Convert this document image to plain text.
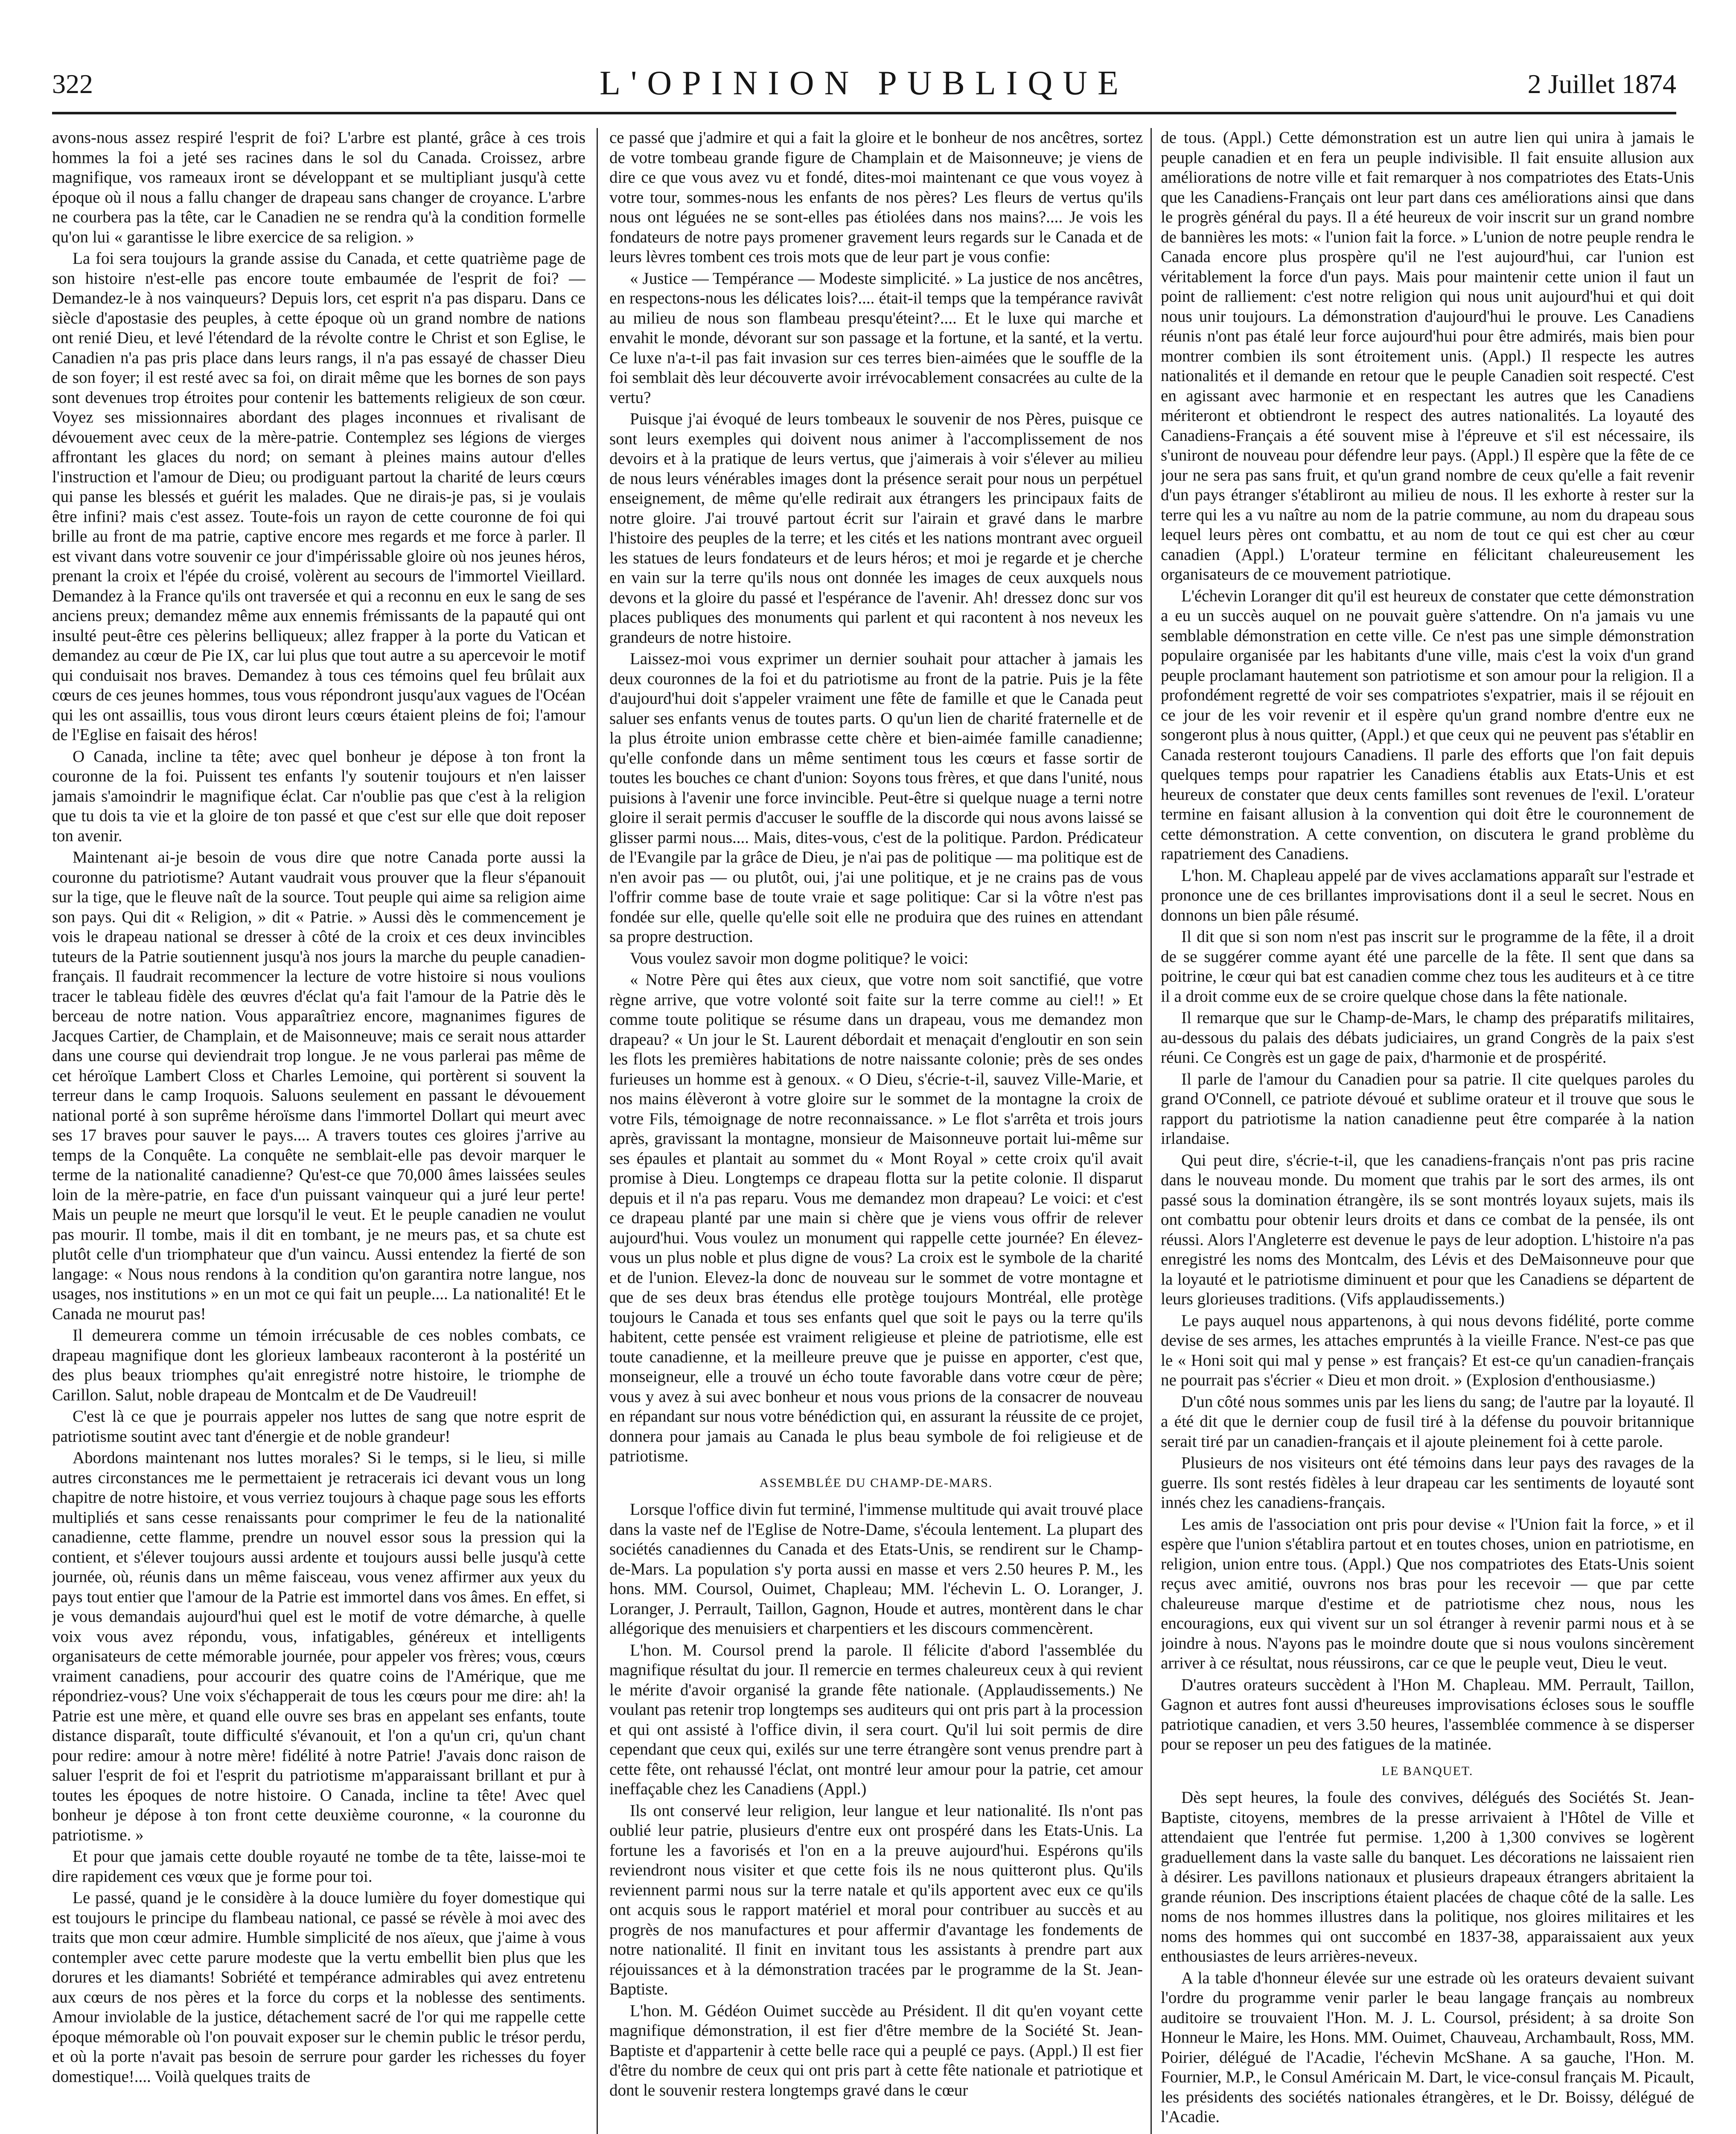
322	L'OPINION PUBLIQUE	2 Juillet 1874

avons-nous assez respiré l'esprit de foi? L'arbre est planté, grâce à ces trois hommes la foi a jeté ses racines dans le sol du Canada. Croissez, arbre magnifique, vos rameaux iront se développant et se multipliant jusqu'à cette époque où il nous a fallu changer de drapeau sans changer de croyance. L'arbre ne courbera pas la tête, car le Canadien ne se rendra qu'à la condition formelle qu'on lui « garantisse le libre exercice de sa religion. »

La foi sera toujours la grande assise du Canada, et cette quatrième page de son histoire n'est-elle pas encore toute embaumée de l'esprit de foi? — Demandez-le à nos vainqueurs? Depuis lors, cet esprit n'a pas disparu. Dans ce siècle d'apostasie des peuples, à cette époque où un grand nombre de nations ont renié Dieu, et levé l'étendard de la révolte contre le Christ et son Eglise, le Canadien n'a pas pris place dans leurs rangs, il n'a pas essayé de chasser Dieu de son foyer; il est resté avec sa foi, on dirait même que les bornes de son pays sont devenues trop étroites pour contenir les battements religieux de son cœur. Voyez ses missionnaires abordant des plages inconnues et rivalisant de dévouement avec ceux de la mère-patrie. Contemplez ses légions de vierges affrontant les glaces du nord; on semant à pleines mains autour d'elles l'instruction et l'amour de Dieu; ou prodiguant partout la charité de leurs cœurs qui panse les blessés et guérit les malades. Que ne dirais-je pas, si je voulais être infini? mais c'est assez. Toute-fois un rayon de cette couronne de foi qui brille au front de ma patrie, captive encore mes regards et me force à parler. Il est vivant dans votre souvenir ce jour d'impérissable gloire où nos jeunes héros, prenant la croix et l'épée du croisé, volèrent au secours de l'immortel Vieillard. Demandez à la France qu'ils ont traversée et qui a reconnu en eux le sang de ses anciens preux; demandez même aux ennemis frémissants de la papauté qui ont insulté peut-être ces pèlerins belliqueux; allez frapper à la porte du Vatican et demandez au cœur de Pie IX, car lui plus que tout autre a su apercevoir le motif qui conduisait nos braves. Demandez à tous ces témoins quel feu brûlait aux cœurs de ces jeunes hommes, tous vous répondront jusqu'aux vagues de l'Océan qui les ont assaillis, tous vous diront leurs cœurs étaient pleins de foi; l'amour de l'Eglise en faisait des héros!

O Canada, incline ta tête; avec quel bonheur je dépose à ton front la couronne de la foi. Puissent tes enfants l'y soutenir toujours et n'en laisser jamais s'amoindrir le magnifique éclat. Car n'oublie pas que c'est à la religion que tu dois ta vie et la gloire de ton passé et que c'est sur elle que doit reposer ton avenir.

Maintenant ai-je besoin de vous dire que notre Canada porte aussi la couronne du patriotisme? Autant vaudrait vous prouver que la fleur s'épanouit sur la tige, que le fleuve naît de la source. Tout peuple qui aime sa religion aime son pays. Qui dit « Religion, » dit « Patrie. » Aussi dès le commencement je vois le drapeau national se dresser à côté de la croix et ces deux invincibles tuteurs de la Patrie soutiennent jusqu'à nos jours la marche du peuple canadien-français. Il faudrait recommencer la lecture de votre histoire si nous voulions tracer le tableau fidèle des œuvres d'éclat qu'a fait l'amour de la Patrie dès le berceau de notre nation. Vous apparaîtriez encore, magnanimes figures de Jacques Cartier, de Champlain, et de Maisonneuve; mais ce serait nous attarder dans une course qui deviendrait trop longue. Je ne vous parlerai pas même de cet héroïque Lambert Closs et Charles Lemoine, qui portèrent si souvent la terreur dans le camp Iroquois. Saluons seulement en passant le dévouement national porté à son suprême héroïsme dans l'immortel Dollart qui meurt avec ses 17 braves pour sauver le pays.... A travers toutes ces gloires j'arrive au temps de la Conquête. La conquête ne semblait-elle pas devoir marquer le terme de la nationalité canadienne? Qu'est-ce que 70,000 âmes laissées seules loin de la mère-patrie, en face d'un puissant vainqueur qui a juré leur perte! Mais un peuple ne meurt que lorsqu'il le veut. Et le peuple canadien ne voulut pas mourir. Il tombe, mais il dit en tombant, je ne meurs pas, et sa chute est plutôt celle d'un triomphateur que d'un vaincu. Aussi entendez la fierté de son langage: « Nous nous rendons à la condition qu'on garantira notre langue, nos usages, nos institutions » en un mot ce qui fait un peuple.... La nationalité! Et le Canada ne mourut pas!

Il demeurera comme un témoin irrécusable de ces nobles combats, ce drapeau magnifique dont les glorieux lambeaux raconteront à la postérité un des plus beaux triomphes qu'ait enregistré notre histoire, le triomphe de Carillon. Salut, noble drapeau de Montcalm et de De Vaudreuil!

C'est là ce que je pourrais appeler nos luttes de sang que notre esprit de patriotisme soutint avec tant d'énergie et de noble grandeur!

Abordons maintenant nos luttes morales? Si le temps, si le lieu, si mille autres circonstances me le permettaient je retracerais ici devant vous un long chapitre de notre histoire, et vous verriez toujours à chaque page sous les efforts multipliés et sans cesse renaissants pour comprimer le feu de la nationalité canadienne, cette flamme, prendre un nouvel essor sous la pression qui la contient, et s'élever toujours aussi ardente et toujours aussi belle jusqu'à cette journée, où, réunis dans un même faisceau, vous venez affirmer aux yeux du pays tout entier que l'amour de la Patrie est immortel dans vos âmes. En effet, si je vous demandais aujourd'hui quel est le motif de votre démarche, à quelle voix vous avez répondu, vous, infatigables, généreux et intelligents organisateurs de cette mémorable journée, pour appeler vos frères; vous, cœurs vraiment canadiens, pour accourir des quatre coins de l'Amérique, que me répondriez-vous? Une voix s'échapperait de tous les cœurs pour me dire: ah! la Patrie est une mère, et quand elle ouvre ses bras en appelant ses enfants, toute distance disparaît, toute difficulté s'évanouit, et l'on a qu'un cri, qu'un chant pour redire: amour à notre mère! fidélité à notre Patrie! J'avais donc raison de saluer l'esprit de foi et l'esprit du patriotisme m'apparaissant brillant et pur à toutes les époques de notre histoire. O Canada, incline ta tête! Avec quel bonheur je dépose à ton front cette deuxième couronne, « la couronne du patriotisme. »

Et pour que jamais cette double royauté ne tombe de ta tête, laisse-moi te dire rapidement ces vœux que je forme pour toi.

Le passé, quand je le considère à la douce lumière du foyer domestique qui est toujours le principe du flambeau national, ce passé se révèle à moi avec des traits que mon cœur admire. Humble simplicité de nos aïeux, que j'aime à vous contempler avec cette parure modeste que la vertu embellit bien plus que les dorures et les diamants! Sobriété et tempérance admirables qui avez entretenu aux cœurs de nos pères et la force du corps et la noblesse des sentiments. Amour inviolable de la justice, détachement sacré de l'or qui me rappelle cette époque mémorable où l'on pouvait exposer sur le chemin public le trésor perdu, et où la porte n'avait pas besoin de serrure pour garder les richesses du foyer domestique!.... Voilà quelques traits de

ce passé que j'admire et qui a fait la gloire et le bonheur de nos ancêtres, sortez de votre tombeau grande figure de Champlain et de Maisonneuve; je viens de dire ce que vous avez vu et fondé, dites-moi maintenant ce que vous voyez à votre tour, sommes-nous les enfants de nos pères? Les fleurs de vertus qu'ils nous ont léguées ne se sont-elles pas étiolées dans nos mains?.... Je vois les fondateurs de notre pays promener gravement leurs regards sur le Canada et de leurs lèvres tombent ces trois mots que de leur part je vous confie:

« Justice — Tempérance — Modeste simplicité. » La justice de nos ancêtres, en respectons-nous les délicates lois?.... était-il temps que la tempérance ravivât au milieu de nous son flambeau presqu'éteint?.... Et le luxe qui marche et envahit le monde, dévorant sur son passage et la fortune, et la santé, et la vertu. Ce luxe n'a-t-il pas fait invasion sur ces terres bien-aimées que le souffle de la foi semblait dès leur découverte avoir irrévocablement consacrées au culte de la vertu?

Puisque j'ai évoqué de leurs tombeaux le souvenir de nos Pères, puisque ce sont leurs exemples qui doivent nous animer à l'accomplissement de nos devoirs et à la pratique de leurs vertus, que j'aimerais à voir s'élever au milieu de nous leurs vénérables images dont la présence serait pour nous un perpétuel enseignement, de même qu'elle redirait aux étrangers les principaux faits de notre gloire. J'ai trouvé partout écrit sur l'airain et gravé dans le marbre l'histoire des peuples de la terre; et les cités et les nations montrant avec orgueil les statues de leurs fondateurs et de leurs héros; et moi je regarde et je cherche en vain sur la terre qu'ils nous ont donnée les images de ceux auxquels nous devons et la gloire du passé et l'espérance de l'avenir. Ah! dressez donc sur vos places publiques des monuments qui parlent et qui racontent à nos neveux les grandeurs de notre histoire.

Laissez-moi vous exprimer un dernier souhait pour attacher à jamais les deux couronnes de la foi et du patriotisme au front de la patrie. Puis je la fête d'aujourd'hui doit s'appeler vraiment une fête de famille et que le Canada peut saluer ses enfants venus de toutes parts. O qu'un lien de charité fraternelle et de la plus étroite union embrasse cette chère et bien-aimée famille canadienne; qu'elle confonde dans un même sentiment tous les cœurs et fasse sortir de toutes les bouches ce chant d'union: Soyons tous frères, et que dans l'unité, nous puisions à l'avenir une force invincible. Peut-être si quelque nuage a terni notre gloire il serait permis d'accuser le souffle de la discorde qui nous avons laissé se glisser parmi nous.... Mais, dites-vous, c'est de la politique. Pardon. Prédicateur de l'Evangile par la grâce de Dieu, je n'ai pas de politique — ma politique est de n'en avoir pas — ou plutôt, oui, j'ai une politique, et je ne crains pas de vous l'offrir comme base de toute vraie et sage politique: Car si la vôtre n'est pas fondée sur elle, quelle qu'elle soit elle ne produira que des ruines en attendant sa propre destruction.

Vous voulez savoir mon dogme politique? le voici:

« Notre Père qui êtes aux cieux, que votre nom soit sanctifié, que votre règne arrive, que votre volonté soit faite sur la terre comme au ciel!! » Et comme toute politique se résume dans un drapeau, vous me demandez mon drapeau? « Un jour le St. Laurent débordait et menaçait d'engloutir en son sein les flots les premières habitations de notre naissante colonie; près de ses ondes furieuses un homme est à genoux. « O Dieu, s'écrie-t-il, sauvez Ville-Marie, et nos mains élèveront à votre gloire sur le sommet de la montagne la croix de votre Fils, témoignage de notre reconnaissance. » Le flot s'arrêta et trois jours après, gravissant la montagne, monsieur de Maisonneuve portait lui-même sur ses épaules et plantait au sommet du « Mont Royal » cette croix qu'il avait promise à Dieu. Longtemps ce drapeau flotta sur la petite colonie. Il disparut depuis et il n'a pas reparu. Vous me demandez mon drapeau? Le voici: et c'est ce drapeau planté par une main si chère que je viens vous offrir de relever aujourd'hui. Vous voulez un monument qui rappelle cette journée? En élevez-vous un plus noble et plus digne de vous? La croix est le symbole de la charité et de l'union. Elevez-la donc de nouveau sur le sommet de votre montagne et que de ses deux bras étendus elle protège toujours Montréal, elle protège toujours le Canada et tous ses enfants quel que soit le pays ou la terre qu'ils habitent, cette pensée est vraiment religieuse et pleine de patriotisme, elle est toute canadienne, et la meilleure preuve que je puisse en apporter, c'est que, monseigneur, elle a trouvé un écho toute favorable dans votre cœur de père; vous y avez à sui avec bonheur et nous vous prions de la consacrer de nouveau en répandant sur nous votre bénédiction qui, en assurant la réussite de ce projet, donnera pour jamais au Canada le plus beau symbole de foi religieuse et de patriotisme.

ASSEMBLÉE DU CHAMP-DE-MARS.

Lorsque l'office divin fut terminé, l'immense multitude qui avait trouvé place dans la vaste nef de l'Eglise de Notre-Dame, s'écoula lentement. La plupart des sociétés canadiennes du Canada et des Etats-Unis, se rendirent sur le Champ-de-Mars. La population s'y porta aussi en masse et vers 2.50 heures P. M., les hons. MM. Coursol, Ouimet, Chapleau; MM. l'échevin L. O. Loranger, J. Loranger, J. Perrault, Taillon, Gagnon, Houde et autres, montèrent dans le char allégorique des menuisiers et charpentiers et les discours commencèrent.

L'hon. M. Coursol prend la parole. Il félicite d'abord l'assemblée du magnifique résultat du jour. Il remercie en termes chaleureux ceux à qui revient le mérite d'avoir organisé la grande fête nationale. (Applaudissements.) Ne voulant pas retenir trop longtemps ses auditeurs qui ont pris part à la procession et qui ont assisté à l'office divin, il sera court. Qu'il lui soit permis de dire cependant que ceux qui, exilés sur une terre étrangère sont venus prendre part à cette fête, ont rehaussé l'éclat, ont montré leur amour pour la patrie, cet amour ineffaçable chez les Canadiens (Appl.)

Ils ont conservé leur religion, leur langue et leur nationalité. Ils n'ont pas oublié leur patrie, plusieurs d'entre eux ont prospéré dans les Etats-Unis. La fortune les a favorisés et l'on en a la preuve aujourd'hui. Espérons qu'ils reviendront nous visiter et que cette fois ils ne nous quitteront plus. Qu'ils reviennent parmi nous sur la terre natale et qu'ils apportent avec eux ce qu'ils ont acquis sous le rapport matériel et moral pour contribuer au succès et au progrès de nos manufactures et pour affermir d'avantage les fondements de notre nationalité. Il finit en invitant tous les assistants à prendre part aux réjouissances et à la démonstration tracées par le programme de la St. Jean-Baptiste.

L'hon. M. Gédéon Ouimet succède au Président. Il dit qu'en voyant cette magnifique démonstration, il est fier d'être membre de la Société St. Jean-Baptiste et d'appartenir à cette belle race qui a peuplé ce pays. (Appl.) Il est fier d'être du nombre de ceux qui ont pris part à cette fête nationale et patriotique et dont le souvenir restera longtemps gravé dans le cœur

de tous. (Appl.) Cette démonstration est un autre lien qui unira à jamais le peuple canadien et en fera un peuple indivisible. Il fait ensuite allusion aux améliorations de notre ville et fait remarquer à nos compatriotes des Etats-Unis que les Canadiens-Français ont leur part dans ces améliorations ainsi que dans le progrès général du pays. Il a été heureux de voir inscrit sur un grand nombre de bannières les mots: « l'union fait la force. » L'union de notre peuple rendra le Canada encore plus prospère qu'il ne l'est aujourd'hui, car l'union est véritablement la force d'un pays. Mais pour maintenir cette union il faut un point de ralliement: c'est notre religion qui nous unit aujourd'hui et qui doit nous unir toujours. La démonstration d'aujourd'hui le prouve. Les Canadiens réunis n'ont pas étalé leur force aujourd'hui pour être admirés, mais bien pour montrer combien ils sont étroitement unis. (Appl.) Il respecte les autres nationalités et il demande en retour que le peuple Canadien soit respecté. C'est en agissant avec harmonie et en respectant les autres que les Canadiens mériteront et obtiendront le respect des autres nationalités. La loyauté des Canadiens-Français a été souvent mise à l'épreuve et s'il est nécessaire, ils s'uniront de nouveau pour défendre leur pays. (Appl.) Il espère que la fête de ce jour ne sera pas sans fruit, et qu'un grand nombre de ceux qu'elle a fait revenir d'un pays étranger s'établiront au milieu de nous. Il les exhorte à rester sur la terre qui les a vu naître au nom de la patrie commune, au nom du drapeau sous lequel leurs pères ont combattu, et au nom de tout ce qui est cher au cœur canadien (Appl.) L'orateur termine en félicitant chaleureusement les organisateurs de ce mouvement patriotique.

L'échevin Loranger dit qu'il est heureux de constater que cette démonstration a eu un succès auquel on ne pouvait guère s'attendre. On n'a jamais vu une semblable démonstration en cette ville. Ce n'est pas une simple démonstration populaire organisée par les habitants d'une ville, mais c'est la voix d'un grand peuple proclamant hautement son patriotisme et son amour pour la religion. Il a profondément regretté de voir ses compatriotes s'expatrier, mais il se réjouit en ce jour de les voir revenir et il espère qu'un grand nombre d'entre eux ne songeront plus à nous quitter, (Appl.) et que ceux qui ne peuvent pas s'établir en Canada resteront toujours Canadiens. Il parle des efforts que l'on fait depuis quelques temps pour rapatrier les Canadiens établis aux Etats-Unis et est heureux de constater que deux cents familles sont revenues de l'exil. L'orateur termine en faisant allusion à la convention qui doit être le couronnement de cette démonstration. A cette convention, on discutera le grand problème du rapatriement des Canadiens.

L'hon. M. Chapleau appelé par de vives acclamations apparaît sur l'estrade et prononce une de ces brillantes improvisations dont il a seul le secret. Nous en donnons un bien pâle résumé.

Il dit que si son nom n'est pas inscrit sur le programme de la fête, il a droit de se suggérer comme ayant été une parcelle de la fête. Il sent que dans sa poitrine, le cœur qui bat est canadien comme chez tous les auditeurs et à ce titre il a droit comme eux de se croire quelque chose dans la fête nationale.

Il remarque que sur le Champ-de-Mars, le champ des préparatifs militaires, au-dessous du palais des débats judiciaires, un grand Congrès de la paix s'est réuni. Ce Congrès est un gage de paix, d'harmonie et de prospérité.

Il parle de l'amour du Canadien pour sa patrie. Il cite quelques paroles du grand O'Connell, ce patriote dévoué et sublime orateur et il trouve que sous le rapport du patriotisme la nation canadienne peut être comparée à la nation irlandaise.

Qui peut dire, s'écrie-t-il, que les canadiens-français n'ont pas pris racine dans le nouveau monde. Du moment que trahis par le sort des armes, ils ont passé sous la domination étrangère, ils se sont montrés loyaux sujets, mais ils ont combattu pour obtenir leurs droits et dans ce combat de la pensée, ils ont réussi. Alors l'Angleterre est devenue le pays de leur adoption. L'histoire n'a pas enregistré les noms des Montcalm, des Lévis et des DeMaisonneuve pour que la loyauté et le patriotisme diminuent et pour que les Canadiens se départent de leurs glorieuses traditions. (Vifs applaudissements.)

Le pays auquel nous appartenons, à qui nous devons fidélité, porte comme devise de ses armes, les attaches empruntés à la vieille France. N'est-ce pas que le « Honi soit qui mal y pense » est français? Et est-ce qu'un canadien-français ne pourrait pas s'écrier « Dieu et mon droit. » (Explosion d'enthousiasme.)

D'un côté nous sommes unis par les liens du sang; de l'autre par la loyauté. Il a été dit que le dernier coup de fusil tiré à la défense du pouvoir britannique serait tiré par un canadien-français et il ajoute pleinement foi à cette parole.

Plusieurs de nos visiteurs ont été témoins dans leur pays des ravages de la guerre. Ils sont restés fidèles à leur drapeau car les sentiments de loyauté sont innés chez les canadiens-français.

Les amis de l'association ont pris pour devise « l'Union fait la force, » et il espère que l'union s'établira partout et en toutes choses, union en patriotisme, en religion, union entre tous. (Appl.) Que nos compatriotes des Etats-Unis soient reçus avec amitié, ouvrons nos bras pour les recevoir — que par cette chaleureuse marque d'estime et de patriotisme chez nous, nous les encouragions, eux qui vivent sur un sol étranger à revenir parmi nous et à se joindre à nous. N'ayons pas le moindre doute que si nous voulons sincèrement arriver à ce résultat, nous réussirons, car ce que le peuple veut, Dieu le veut.

D'autres orateurs succèdent à l'Hon M. Chapleau. MM. Perrault, Taillon, Gagnon et autres font aussi d'heureuses improvisations écloses sous le souffle patriotique canadien, et vers 3.50 heures, l'assemblée commence à se disperser pour se reposer un peu des fatigues de la matinée.

LE BANQUET.

Dès sept heures, la foule des convives, délégués des Sociétés St. Jean-Baptiste, citoyens, membres de la presse arrivaient à l'Hôtel de Ville et attendaient que l'entrée fut permise. 1,200 à 1,300 convives se logèrent graduellement dans la vaste salle du banquet. Les décorations ne laissaient rien à désirer. Les pavillons nationaux et plusieurs drapeaux étrangers abritaient la grande réunion. Des inscriptions étaient placées de chaque côté de la salle. Les noms de nos hommes illustres dans la politique, nos gloires militaires et les noms des hommes qui ont succombé en 1837-38, apparaissaient aux yeux enthousiastes de leurs arrières-neveux.

A la table d'honneur élevée sur une estrade où les orateurs devaient suivant l'ordre du programme venir parler le beau langage français au nombreux auditoire se trouvaient l'Hon. M. J. L. Coursol, président; à sa droite Son Honneur le Maire, les Hons. MM. Ouimet, Chauveau, Archambault, Ross, MM. Poirier, délégué de l'Acadie, l'échevin McShane. A sa gauche, l'Hon. M. Fournier, M.P., le Consul Américain M. Dart, le vice-consul français M. Picault, les présidents des sociétés nationales étrangères, et le Dr. Boissy, délégué de l'Acadie.
